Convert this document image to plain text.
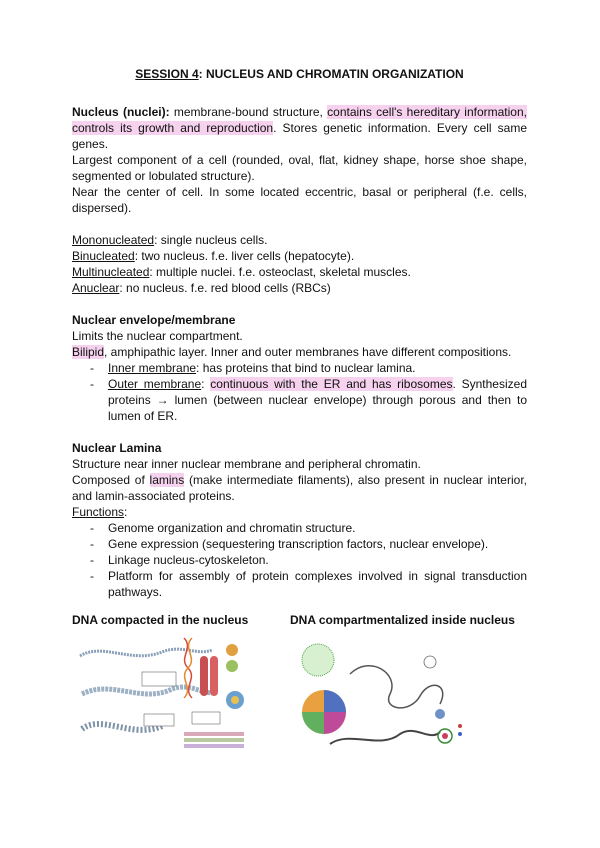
SESSION 4: NUCLEUS AND CHROMATIN ORGANIZATION

Nucleus (nuclei): membrane-bound structure, contains cell's hereditary information, controls its growth and reproduction. Stores genetic information. Every cell same genes.

Largest component of a cell (rounded, oval, flat, kidney shape, horse shoe shape, segmented or lobulated structure).

Near the center of cell. In some located eccentric, basal or peripheral (f.e. cells, dispersed).

Mononucleated: single nucleus cells.
Binucleated: two nucleus. f.e. liver cells (hepatocyte).
Multinucleated: multiple nuclei. f.e. osteoclast, skeletal muscles.
Anuclear: no nucleus. f.e. red blood cells (RBCs)
Nuclear envelope/membrane

Limits the nuclear compartment.

Bilipid, amphipathic layer. Inner and outer membranes have different compositions.

- Inner membrane: has proteins that bind to nuclear lamina.
- Outer membrane: continuous with the ER and has ribosomes. Synthesized proteins → lumen (between nuclear envelope) through porous and then to lumen of ER.
Nuclear Lamina

Structure near inner nuclear membrane and peripheral chromatin.

Composed of lamins (make intermediate filaments), also present in nuclear interior, and lamin-associated proteins.

Functions:
- Genome organization and chromatin structure.
- Gene expression (sequestering transcription factors, nuclear envelope).
- Linkage nucleus-cytoskeleton.
- Platform for assembly of protein complexes involved in signal transduction pathways.
DNA compacted in the nucleus	DNA compartmentalized inside nucleus
